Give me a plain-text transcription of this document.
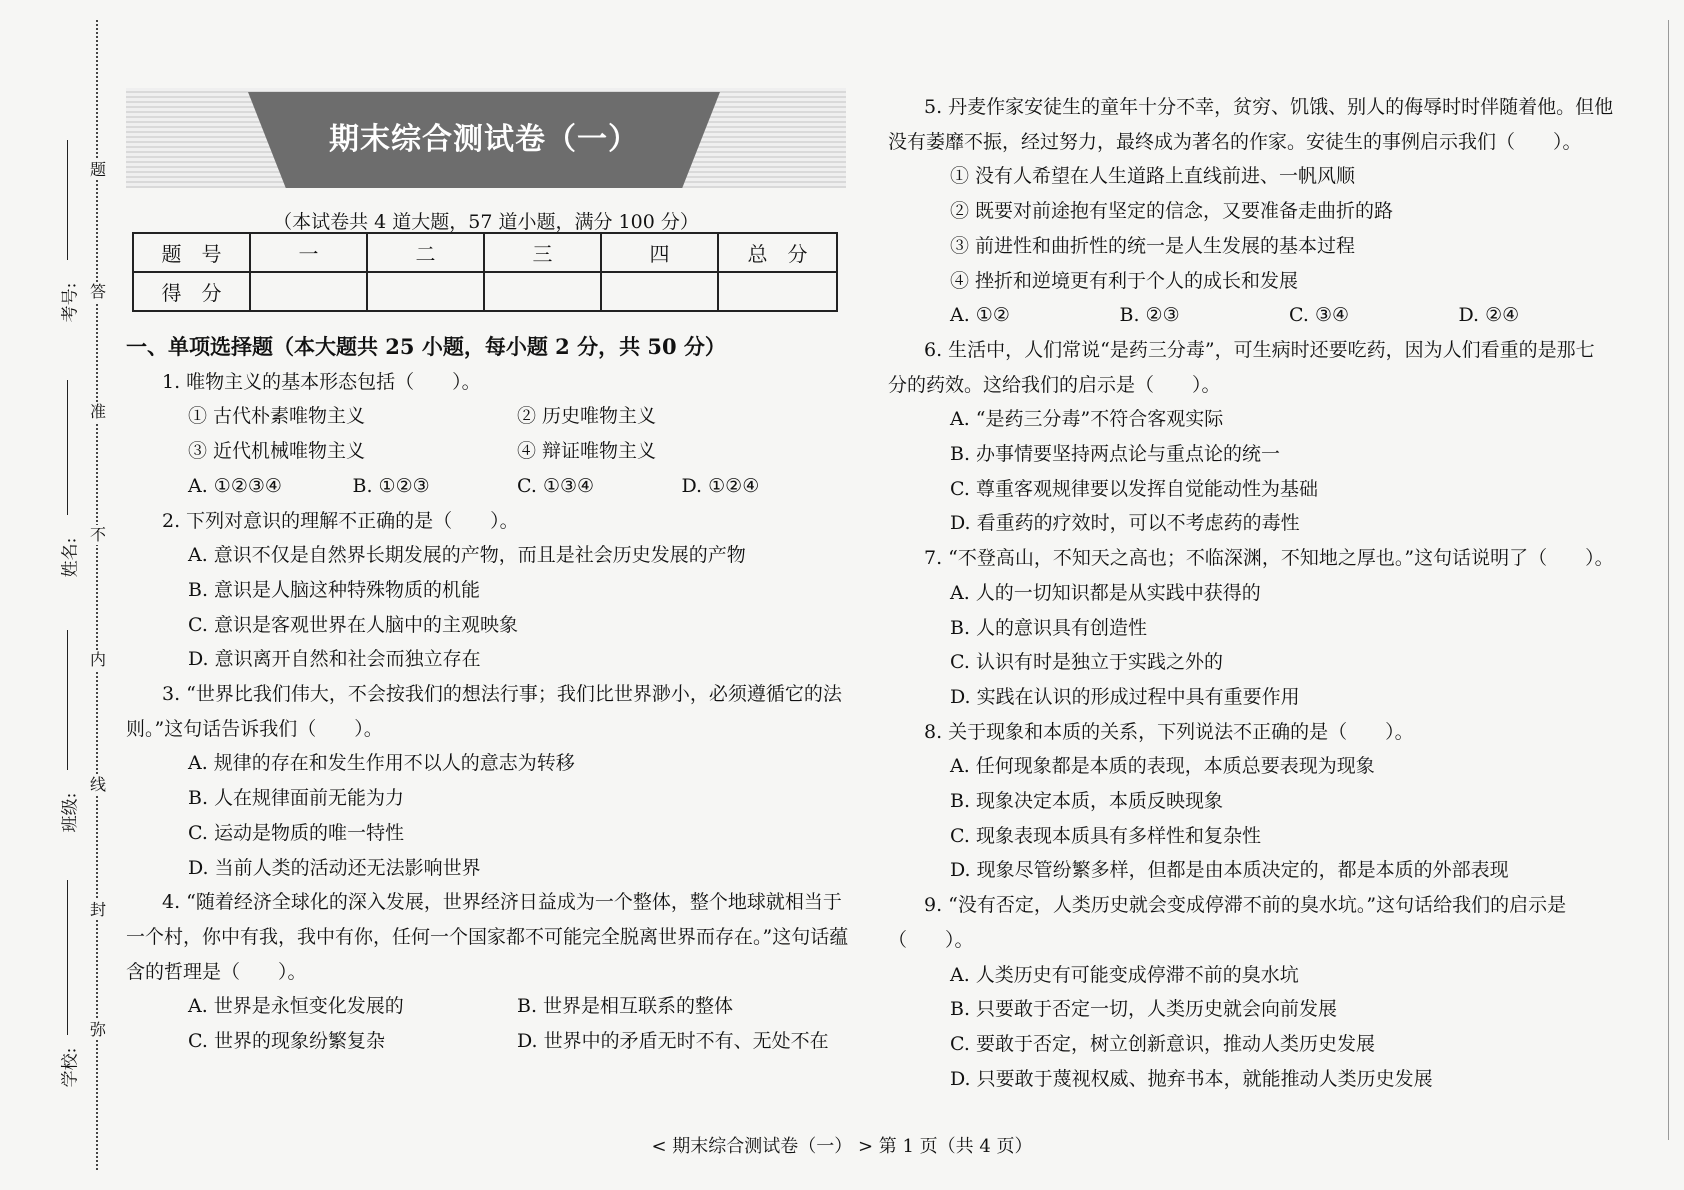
题
答
准
不
内
线
封
弥
考号:
姓名:
班级:
学校:
期末综合测试卷（一）
（本试卷共 4 道大题，57 道小题，满分 100 分）
题　号	一	二	三	四	总　分
得　分					

一、单项选择题（本大题共 25 小题，每小题 2 分，共 50 分）

1. 唯物主义的基本形态包括（　　）。

① 古代朴素唯物主义	② 历史唯物主义
③ 近代机械唯物主义	④ 辩证唯物主义
A. ①②③④	B. ①②③	C. ①③④	D. ①②④

2. 下列对意识的理解不正确的是（　　）。

A. 意识不仅是自然界长期发展的产物，而且是社会历史发展的产物

B. 意识是人脑这种特殊物质的机能

C. 意识是客观世界在人脑中的主观映象

D. 意识离开自然和社会而独立存在

3. “世界比我们伟大，不会按我们的想法行事；我们比世界渺小，必须遵循它的法

则。”这句话告诉我们（　　）。

A. 规律的存在和发生作用不以人的意志为转移

B. 人在规律面前无能为力

C. 运动是物质的唯一特性

D. 当前人类的活动还无法影响世界

4. “随着经济全球化的深入发展，世界经济日益成为一个整体，整个地球就相当于

一个村，你中有我，我中有你，任何一个国家都不可能完全脱离世界而存在。”这句话蕴

含的哲理是（　　）。

A. 世界是永恒变化发展的	B. 世界是相互联系的整体
C. 世界的现象纷繁复杂	D. 世界中的矛盾无时不有、无处不在

5. 丹麦作家安徒生的童年十分不幸，贫穷、饥饿、别人的侮辱时时伴随着他。但他

没有萎靡不振，经过努力，最终成为著名的作家。安徒生的事例启示我们（　　）。

① 没有人希望在人生道路上直线前进、一帆风顺

② 既要对前途抱有坚定的信念，又要准备走曲折的路

③ 前进性和曲折性的统一是人生发展的基本过程

④ 挫折和逆境更有利于个人的成长和发展

A. ①②	B. ②③	C. ③④	D. ②④

6. 生活中，人们常说“是药三分毒”，可生病时还要吃药，因为人们看重的是那七

分的药效。这给我们的启示是（　　）。

A. “是药三分毒”不符合客观实际

B. 办事情要坚持两点论与重点论的统一

C. 尊重客观规律要以发挥自觉能动性为基础

D. 看重药的疗效时，可以不考虑药的毒性

7. “不登高山，不知天之高也；不临深渊，不知地之厚也。”这句话说明了（　　）。

A. 人的一切知识都是从实践中获得的

B. 人的意识具有创造性

C. 认识有时是独立于实践之外的

D. 实践在认识的形成过程中具有重要作用

8. 关于现象和本质的关系，下列说法不正确的是（　　）。

A. 任何现象都是本质的表现，本质总要表现为现象

B. 现象决定本质，本质反映现象

C. 现象表现本质具有多样性和复杂性

D. 现象尽管纷繁多样，但都是由本质决定的，都是本质的外部表现

9. “没有否定，人类历史就会变成停滞不前的臭水坑。”这句话给我们的启示是

（　　）。

A. 人类历史有可能变成停滞不前的臭水坑

B. 只要敢于否定一切，人类历史就会向前发展

C. 要敢于否定，树立创新意识，推动人类历史发展

D. 只要敢于蔑视权威、抛弃书本，就能推动人类历史发展

< 期末综合测试卷（一） > 第 1 页（共 4 页）
